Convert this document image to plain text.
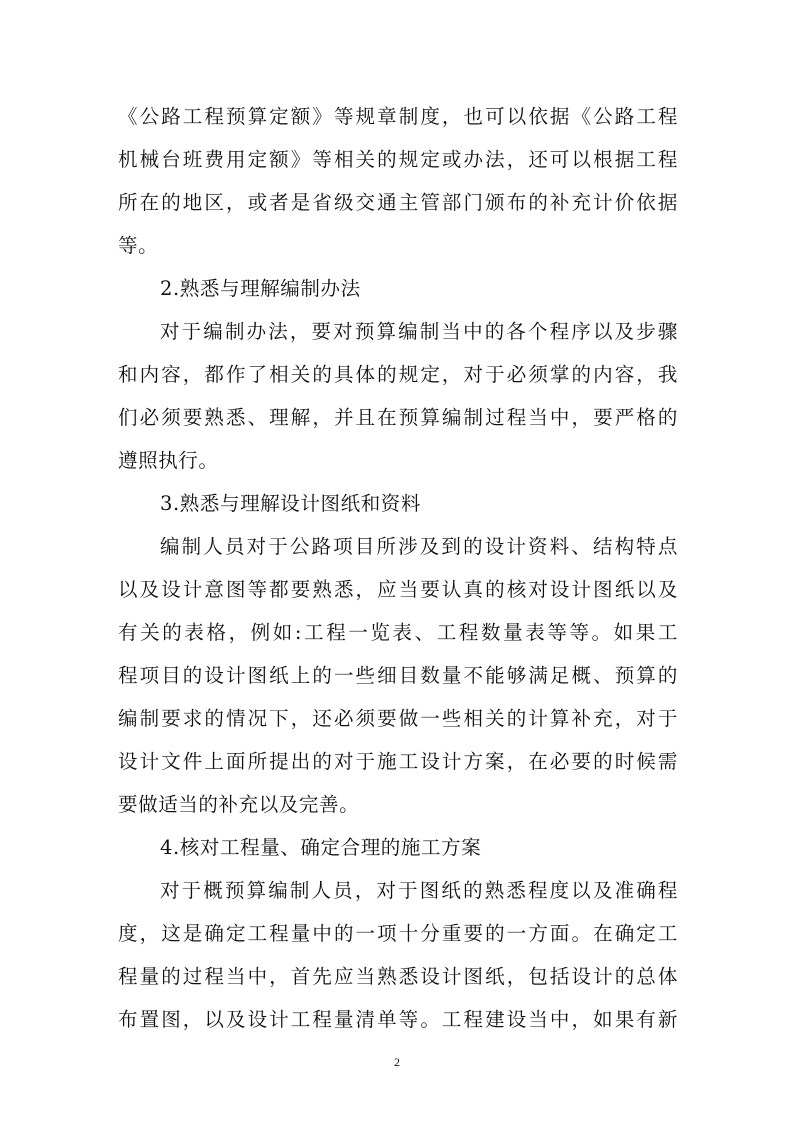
《公路工程预算定额》等规章制度，也可以依据《公路工程
机械台班费用定额》等相关的规定或办法，还可以根据工程
所在的地区，或者是省级交通主管部门颁布的补充计价依据
等。
2.熟悉与理解编制办法
对于编制办法，要对预算编制当中的各个程序以及步骤
和内容，都作了相关的具体的规定，对于必须掌的内容，我
们必须要熟悉、理解，并且在预算编制过程当中，要严格的
遵照执行。
3.熟悉与理解设计图纸和资料
编制人员对于公路项目所涉及到的设计资料、结构特点
以及设计意图等都要熟悉，应当要认真的核对设计图纸以及
有关的表格，例如:工程一览表、工程数量表等等。如果工
程项目的设计图纸上的一些细目数量不能够满足概、预算的
编制要求的情况下，还必须要做一些相关的计算补充，对于
设计文件上面所提出的对于施工设计方案，在必要的时候需
要做适当的补充以及完善。
4.核对工程量、确定合理的施工方案
对于概预算编制人员，对于图纸的熟悉程度以及准确程
度，这是确定工程量中的一项十分重要的一方面。在确定工
程量的过程当中，首先应当熟悉设计图纸，包括设计的总体
布置图，以及设计工程量清单等。工程建设当中，如果有新
2
